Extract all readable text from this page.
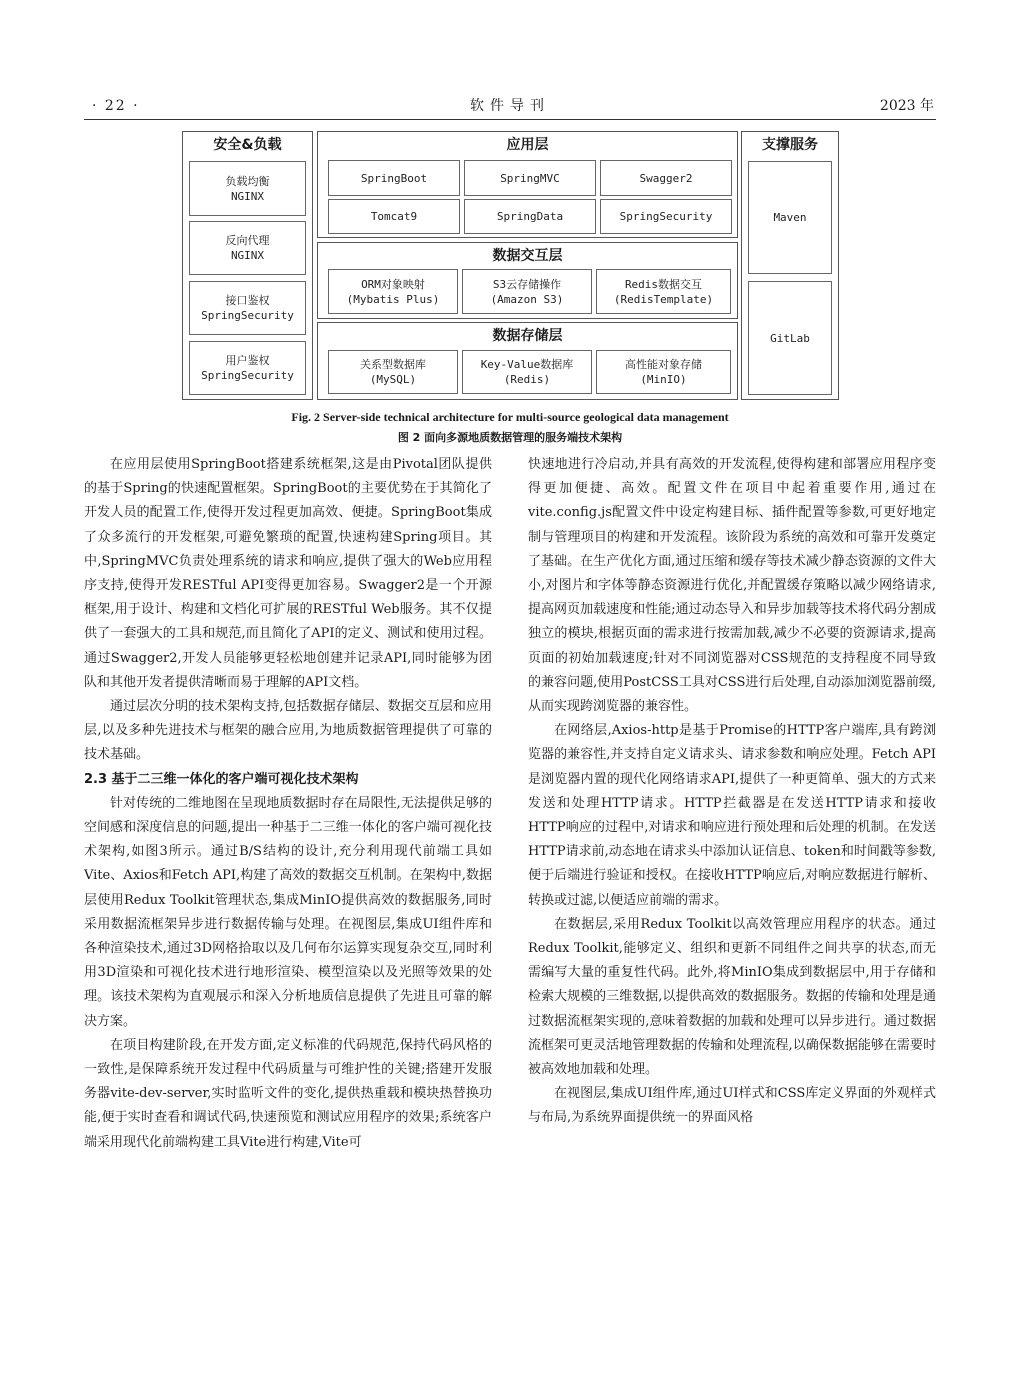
· 22 ·	软件导刊	2023 年
安全&负载
负载均衡
NGINX
反向代理
NGINX
接口鉴权
SpringSecurity
用户鉴权
SpringSecurity
应用层
SpringBoot	SpringMVC	Swagger2
Tomcat9	SpringData	SpringSecurity
数据交互层
ORM对象映射
(Mybatis Plus)
S3云存储操作
(Amazon S3)
Redis数据交互
(RedisTemplate)
数据存储层
关系型数据库
(MySQL)
Key-Value数据库
(Redis)
高性能对象存储
(MinIO)
支撑服务
Maven
GitLab
Fig. 2 Server-side technical architecture for multi-source geological data management
图 2 面向多源地质数据管理的服务端技术架构

在应用层使用SpringBoot搭建系统框架,这是由Pivotal团队提供的基于Spring的快速配置框架。SpringBoot的主要优势在于其简化了开发人员的配置工作,使得开发过程更加高效、便捷。SpringBoot集成了众多流行的开发框架,可避免繁琐的配置,快速构建Spring项目。其中,SpringMVC负责处理系统的请求和响应,提供了强大的Web应用程序支持,使得开发RESTful API变得更加容易。Swagger2是一个开源框架,用于设计、构建和文档化可扩展的RESTful Web服务。其不仅提供了一套强大的工具和规范,而且简化了API的定义、测试和使用过程。通过Swagger2,开发人员能够更轻松地创建并记录API,同时能够为团队和其他开发者提供清晰而易于理解的API文档。

通过层次分明的技术架构支持,包括数据存储层、数据交互层和应用层,以及多种先进技术与框架的融合应用,为地质数据管理提供了可靠的技术基础。

2.3 基于二三维一体化的客户端可视化技术架构

针对传统的二维地图在呈现地质数据时存在局限性,无法提供足够的空间感和深度信息的问题,提出一种基于二三维一体化的客户端可视化技术架构,如图3所示。通过B/S结构的设计,充分利用现代前端工具如Vite、Axios和Fetch API,构建了高效的数据交互机制。在架构中,数据层使用Redux Toolkit管理状态,集成MinIO提供高效的数据服务,同时采用数据流框架异步进行数据传输与处理。在视图层,集成UI组件库和各种渲染技术,通过3D网格拾取以及几何布尔运算实现复杂交互,同时利用3D渲染和可视化技术进行地形渲染、模型渲染以及光照等效果的处理。该技术架构为直观展示和深入分析地质信息提供了先进且可靠的解决方案。

在项目构建阶段,在开发方面,定义标准的代码规范,保持代码风格的一致性,是保障系统开发过程中代码质量与可维护性的关键;搭建开发服务器vite-dev-server,实时监听文件的变化,提供热重载和模块热替换功能,便于实时查看和调试代码,快速预览和测试应用程序的效果;系统客户端采用现代化前端构建工具Vite进行构建,Vite可

快速地进行冷启动,并具有高效的开发流程,使得构建和部署应用程序变得更加便捷、高效。配置文件在项目中起着重要作用,通过在vite.config.js配置文件中设定构建目标、插件配置等参数,可更好地定制与管理项目的构建和开发流程。该阶段为系统的高效和可靠开发奠定了基础。在生产优化方面,通过压缩和缓存等技术减少静态资源的文件大小,对图片和字体等静态资源进行优化,并配置缓存策略以减少网络请求,提高网页加载速度和性能;通过动态导入和异步加载等技术将代码分割成独立的模块,根据页面的需求进行按需加载,减少不必要的资源请求,提高页面的初始加载速度;针对不同浏览器对CSS规范的支持程度不同导致的兼容问题,使用PostCSS工具对CSS进行后处理,自动添加浏览器前缀,从而实现跨浏览器的兼容性。

在网络层,Axios-http是基于Promise的HTTP客户端库,具有跨浏览器的兼容性,并支持自定义请求头、请求参数和响应处理。Fetch API是浏览器内置的现代化网络请求API,提供了一种更简单、强大的方式来发送和处理HTTP请求。HTTP拦截器是在发送HTTP请求和接收HTTP响应的过程中,对请求和响应进行预处理和后处理的机制。在发送HTTP请求前,动态地在请求头中添加认证信息、token和时间戳等参数,便于后端进行验证和授权。在接收HTTP响应后,对响应数据进行解析、转换或过滤,以便适应前端的需求。

在数据层,采用Redux Toolkit以高效管理应用程序的状态。通过Redux Toolkit,能够定义、组织和更新不同组件之间共享的状态,而无需编写大量的重复性代码。此外,将MinIO集成到数据层中,用于存储和检索大规模的三维数据,以提供高效的数据服务。数据的传输和处理是通过数据流框架实现的,意味着数据的加载和处理可以异步进行。通过数据流框架可更灵活地管理数据的传输和处理流程,以确保数据能够在需要时被高效地加载和处理。

在视图层,集成UI组件库,通过UI样式和CSS库定义界面的外观样式与布局,为系统界面提供统一的界面风格
